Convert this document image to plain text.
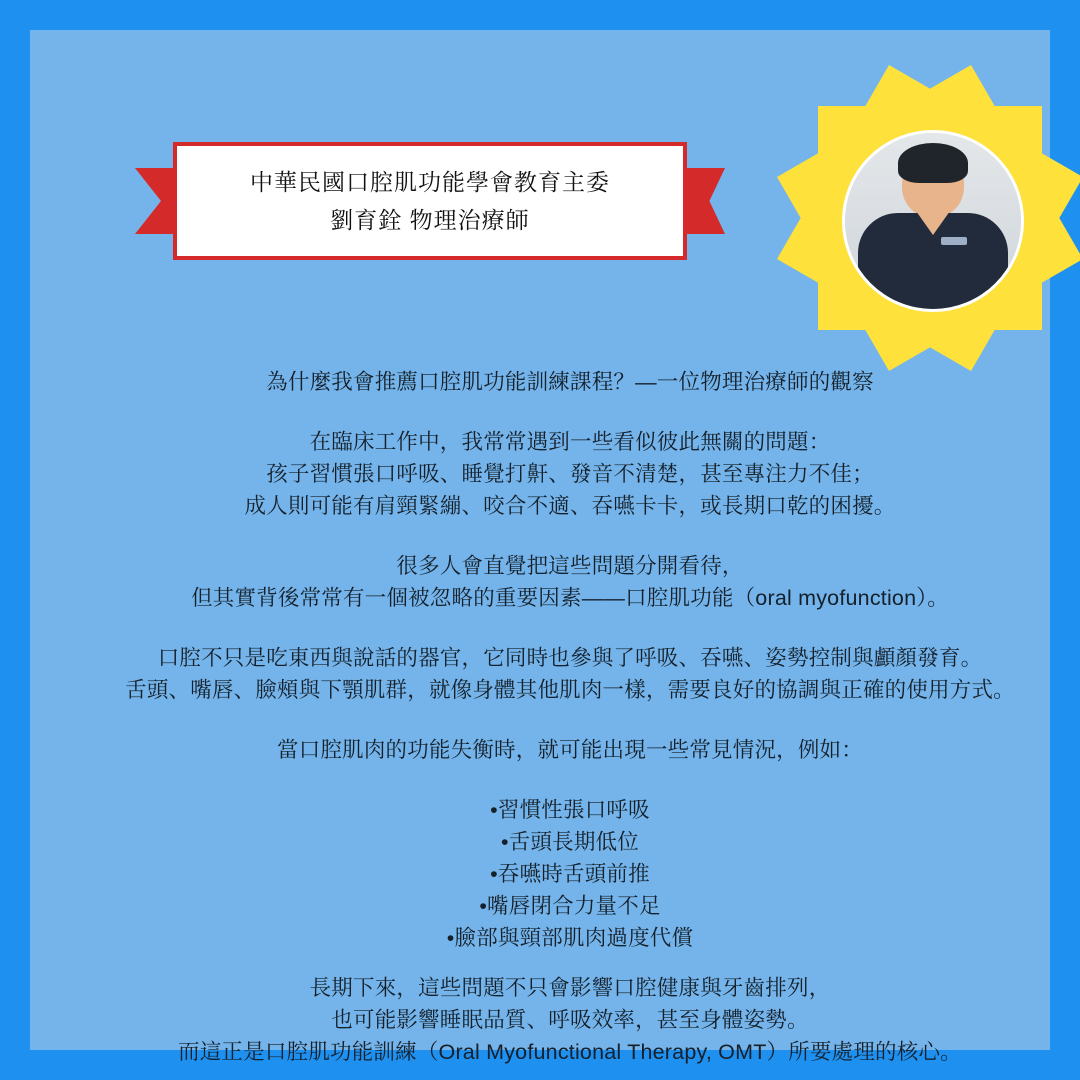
中華民國口腔肌功能學會教育主委
劉育銓 物理治療師

為什麼我會推薦口腔肌功能訓練課程？—一位物理治療師的觀察

在臨床工作中，我常常遇到一些看似彼此無關的問題：
孩子習慣張口呼吸、睡覺打鼾、發音不清楚，甚至專注力不佳；
成人則可能有肩頸緊繃、咬合不適、吞嚥卡卡，或長期口乾的困擾。

很多人會直覺把這些問題分開看待，
但其實背後常常有一個被忽略的重要因素——口腔肌功能（oral myofunction）。

口腔不只是吃東西與說話的器官，它同時也參與了呼吸、吞嚥、姿勢控制與顱顏發育。
舌頭、嘴唇、臉頰與下顎肌群，就像身體其他肌肉一樣，需要良好的協調與正確的使用方式。

當口腔肌肉的功能失衡時，就可能出現一些常見情況，例如：

•習慣性張口呼吸
•舌頭長期低位
•吞嚥時舌頭前推
•嘴唇閉合力量不足
•臉部與頸部肌肉過度代償

長期下來，這些問題不只會影響口腔健康與牙齒排列，
也可能影響睡眠品質、呼吸效率，甚至身體姿勢。
而這正是口腔肌功能訓練（Oral Myofunctional Therapy, OMT）所要處理的核心。
